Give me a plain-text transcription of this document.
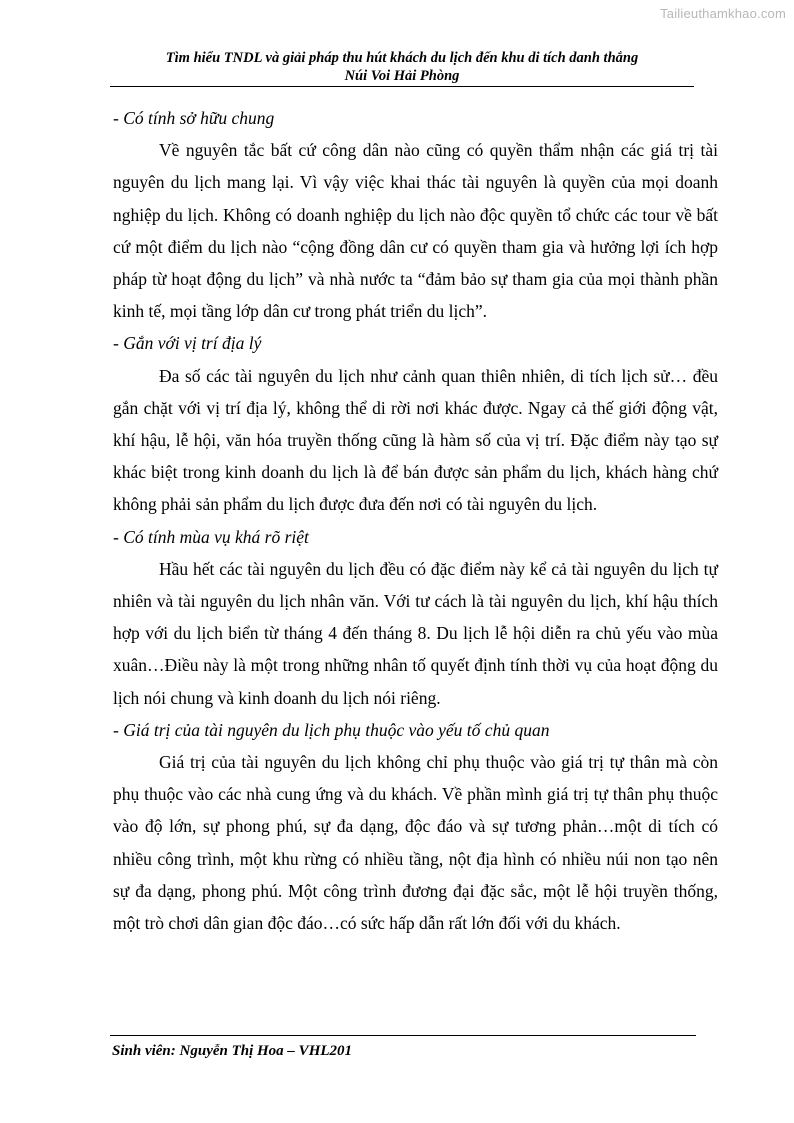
Tailieuthamkhao.com
Tìm hiểu TNDL và giải pháp thu hút khách du lịch đến khu di tích danh thắng
Núi Voi Hải Phòng

- Có tính sở hữu chung

Về nguyên tắc bất cứ công dân nào cũng có quyền thẩm nhận các giá trị tài nguyên du lịch mang lại. Vì vậy việc khai thác tài nguyên là quyền của mọi doanh nghiệp du lịch. Không có doanh nghiệp du lịch nào độc quyền tổ chức các tour về bất cứ một điểm du lịch nào “cộng đồng dân cư có quyền tham gia và hưởng lợi ích hợp pháp từ hoạt động du lịch” và nhà nước ta “đảm bảo sự tham gia của mọi thành phần kinh tế, mọi tầng lớp dân cư trong phát triển du lịch”.

- Gắn với vị trí địa lý

Đa số các tài nguyên du lịch như cảnh quan thiên nhiên, di tích lịch sử… đều gắn chặt với vị trí địa lý, không thể di rời nơi khác được. Ngay cả thế giới động vật, khí hậu, lễ hội, văn hóa truyền thống cũng là hàm số của vị trí. Đặc điểm này tạo sự khác biệt trong kinh doanh du lịch là để bán được sản phẩm du lịch, khách hàng chứ không phải sản phẩm du lịch được đưa đến nơi có tài nguyên du lịch.

- Có tính mùa vụ khá rõ riệt

Hầu hết các tài nguyên du lịch đều có đặc điểm này kể cả tài nguyên du lịch tự nhiên và tài nguyên du lịch nhân văn. Với tư cách là tài nguyên du lịch, khí hậu thích hợp với du lịch biển từ tháng 4 đến tháng 8. Du lịch lễ hội diễn ra chủ yếu vào mùa xuân…Điều này là một trong những nhân tố quyết định tính thời vụ của hoạt động du lịch nói chung và kinh doanh du lịch nói riêng.

- Giá trị của tài nguyên du lịch phụ thuộc vào yếu tố chủ quan

Giá trị của tài nguyên du lịch không chỉ phụ thuộc vào giá trị tự thân mà còn phụ thuộc vào các nhà cung ứng và du khách. Về phần mình giá trị tự thân phụ thuộc vào độ lớn, sự phong phú, sự đa dạng, độc đáo và sự tương phản…một di tích có nhiều công trình, một khu rừng có nhiều tầng, nột địa hình có nhiều núi non tạo nên sự đa dạng, phong phú. Một công trình đương đại đặc sắc, một lễ hội truyền thống, một trò chơi dân gian độc đáo…có sức hấp dẫn rất lớn đối với du khách.

Sinh viên: Nguyễn Thị Hoa – VHL201
